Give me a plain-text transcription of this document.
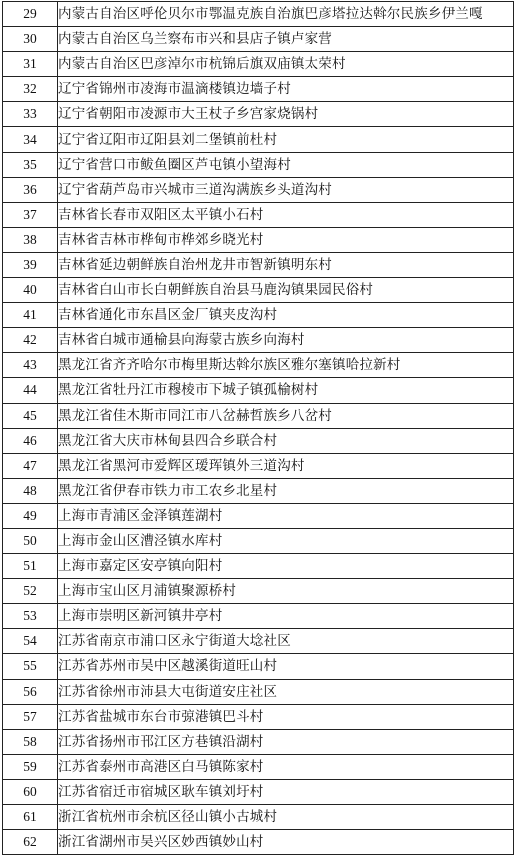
29	内蒙古自治区呼伦贝尔市鄂温克族自治旗巴彦塔拉达斡尔民族乡伊兰嘎
30	内蒙古自治区乌兰察布市兴和县店子镇卢家营
31	内蒙古自治区巴彦淖尔市杭锦后旗双庙镇太荣村
32	辽宁省锦州市凌海市温滴楼镇边墙子村
33	辽宁省朝阳市凌源市大王杖子乡宫家烧锅村
34	辽宁省辽阳市辽阳县刘二堡镇前杜村
35	辽宁省营口市鲅鱼圈区芦屯镇小望海村
36	辽宁省葫芦岛市兴城市三道沟满族乡头道沟村
37	吉林省长春市双阳区太平镇小石村
38	吉林省吉林市桦甸市桦郊乡晓光村
39	吉林省延边朝鲜族自治州龙井市智新镇明东村
40	吉林省白山市长白朝鲜族自治县马鹿沟镇果园民俗村
41	吉林省通化市东昌区金厂镇夹皮沟村
42	吉林省白城市通榆县向海蒙古族乡向海村
43	黑龙江省齐齐哈尔市梅里斯达斡尔族区雅尔塞镇哈拉新村
44	黑龙江省牡丹江市穆棱市下城子镇孤榆树村
45	黑龙江省佳木斯市同江市八岔赫哲族乡八岔村
46	黑龙江省大庆市林甸县四合乡联合村
47	黑龙江省黑河市爱辉区瑷珲镇外三道沟村
48	黑龙江省伊春市铁力市工农乡北星村
49	上海市青浦区金泽镇莲湖村
50	上海市金山区漕泾镇水库村
51	上海市嘉定区安亭镇向阳村
52	上海市宝山区月浦镇聚源桥村
53	上海市崇明区新河镇井亭村
54	江苏省南京市浦口区永宁街道大埝社区
55	江苏省苏州市吴中区越溪街道旺山村
56	江苏省徐州市沛县大屯街道安庄社区
57	江苏省盐城市东台市弶港镇巴斗村
58	江苏省扬州市邗江区方巷镇沿湖村
59	江苏省泰州市高港区白马镇陈家村
60	江苏省宿迁市宿城区耿车镇刘圩村
61	浙江省杭州市余杭区径山镇小古城村
62	浙江省湖州市吴兴区妙西镇妙山村
